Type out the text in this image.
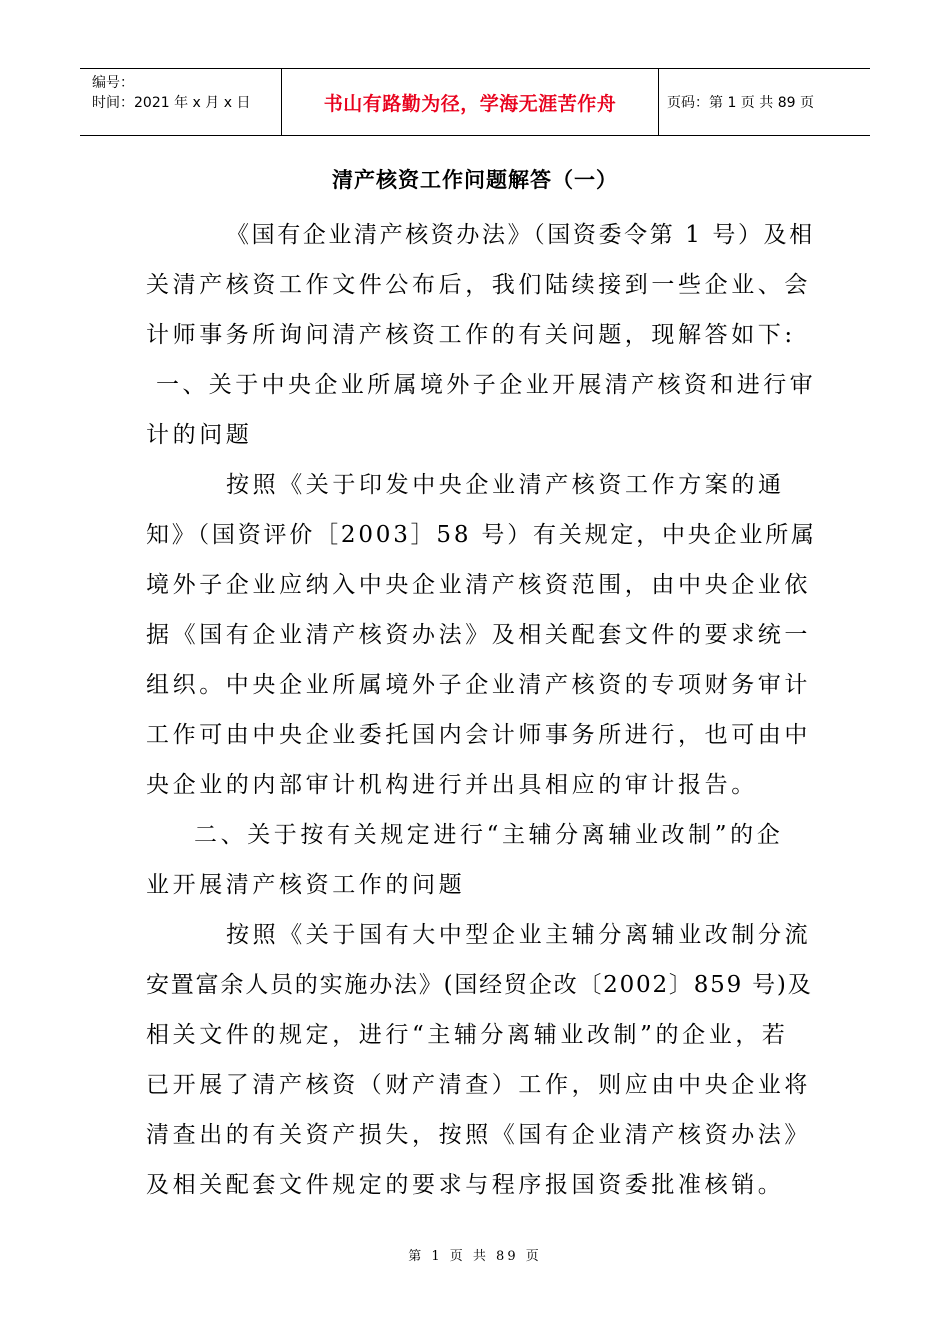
编号：
时间：2021 年 x 月 x 日	书山有路勤为径，学海无涯苦作舟	页码：第 1 页 共 89 页
清产核资工作问题解答（一）
《国有企业清产核资办法》（国资委令第 1 号）及相
关清产核资工作文件公布后，我们陆续接到一些企业、会
计师事务所询问清产核资工作的有关问题，现解答如下:
一、关于中央企业所属境外子企业开展清产核资和进行审
计的问题
按照《关于印发中央企业清产核资工作方案的通
知》（国资评价［2003］58 号）有关规定，中央企业所属
境外子企业应纳入中央企业清产核资范围，由中央企业依
据《国有企业清产核资办法》及相关配套文件的要求统一
组织。中央企业所属境外子企业清产核资的专项财务审计
工作可由中央企业委托国内会计师事务所进行，也可由中
央企业的内部审计机构进行并出具相应的审计报告。
二、关于按有关规定进行“主辅分离辅业改制”的企
业开展清产核资工作的问题
按照《关于国有大中型企业主辅分离辅业改制分流
安置富余人员的实施办法》(国经贸企改〔2002〕859 号)及
相关文件的规定，进行“主辅分离辅业改制”的企业，若
已开展了清产核资（财产清查）工作，则应由中央企业将
清查出的有关资产损失，按照《国有企业清产核资办法》
及相关配套文件规定的要求与程序报国资委批准核销。
第 1 页 共 89 页
